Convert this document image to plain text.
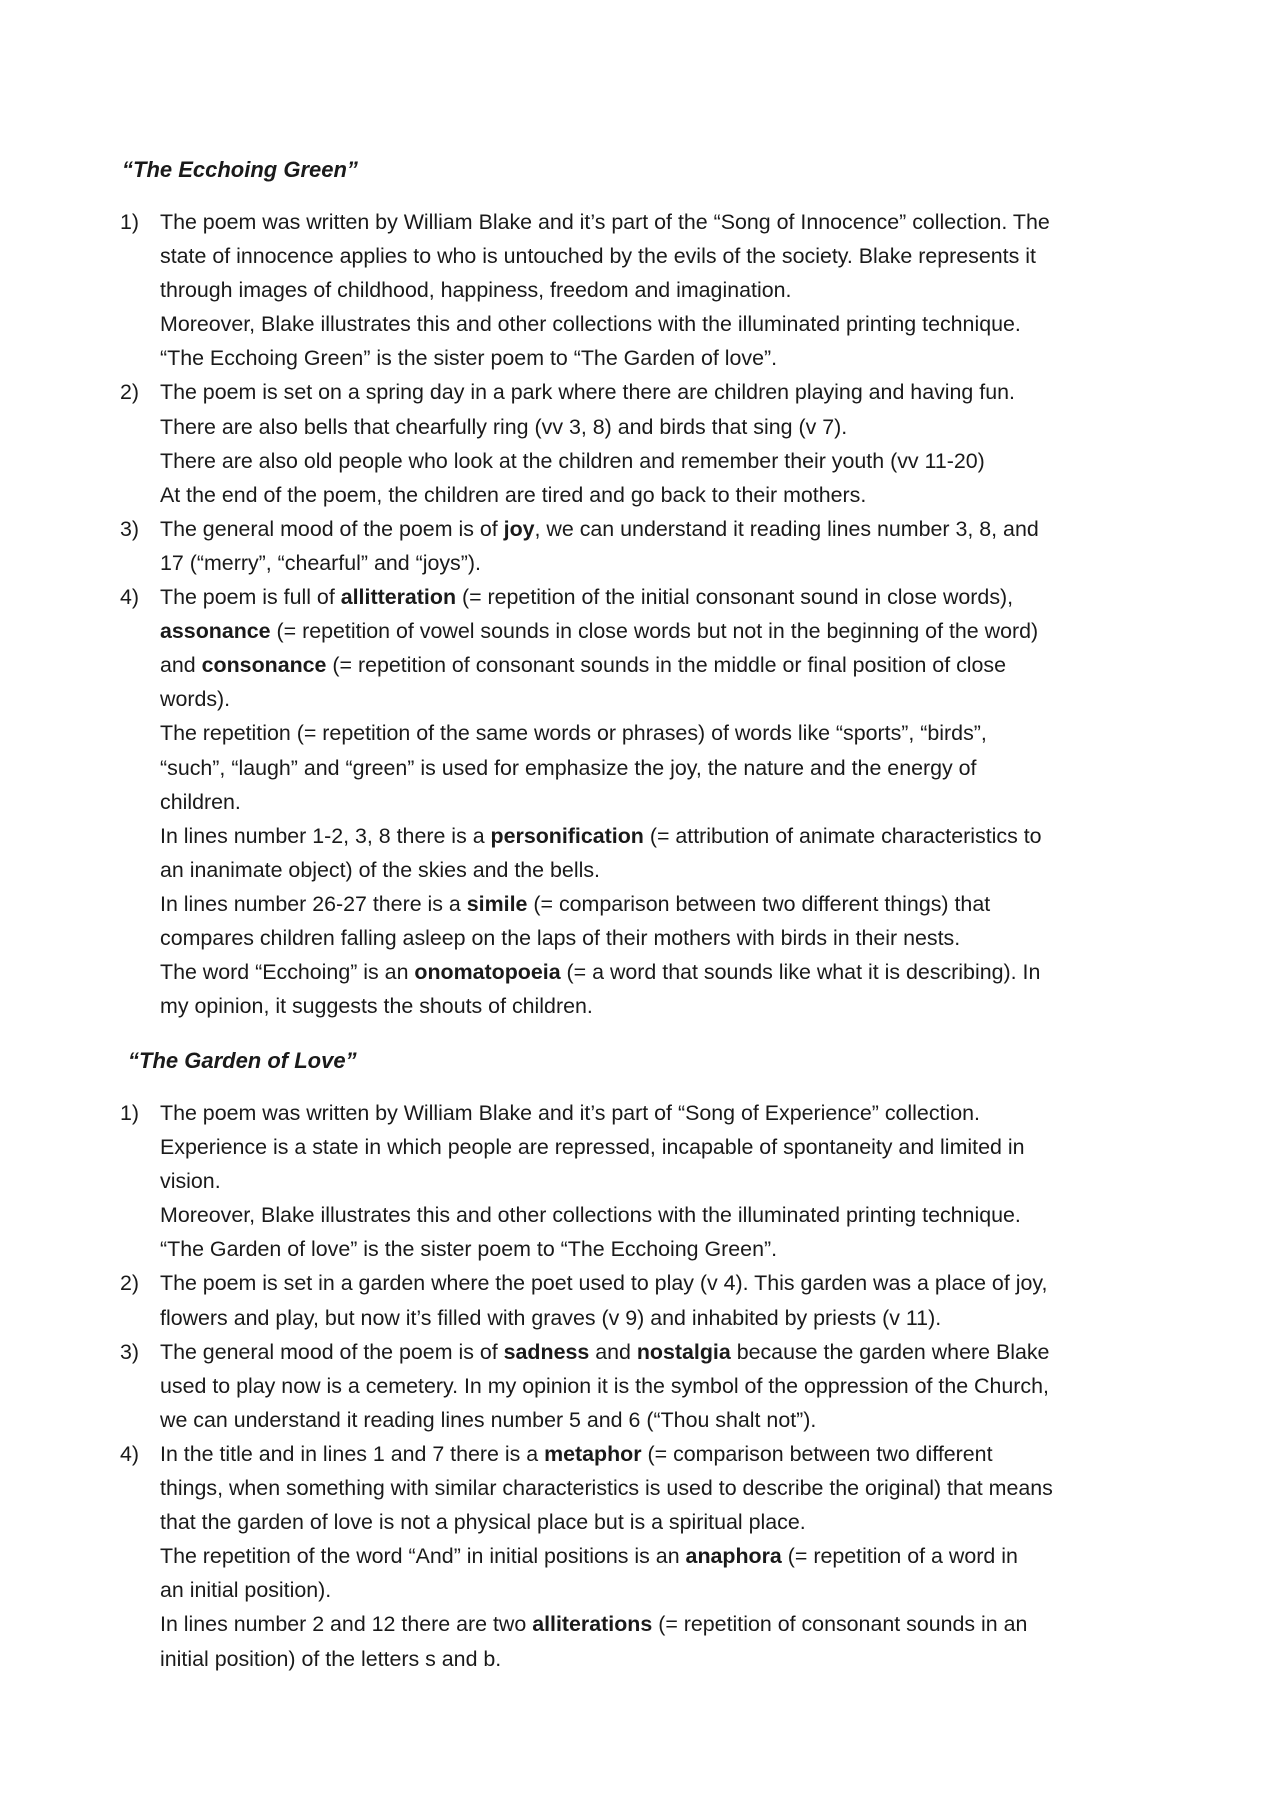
“The Ecchoing Green”
1) The poem was written by William Blake and it’s part of the “Song of Innocence” collection. The
state of innocence applies to who is untouched by the evils of the society. Blake represents it
through images of childhood, happiness, freedom and imagination.
Moreover, Blake illustrates this and other collections with the illuminated printing technique.
“The Ecchoing Green” is the sister poem to “The Garden of love”.
2) The poem is set on a spring day in a park where there are children playing and having fun.
There are also bells that chearfully ring (vv 3, 8) and birds that sing (v 7).
There are also old people who look at the children and remember their youth (vv 11-20)
At the end of the poem, the children are tired and go back to their mothers.
3) The general mood of the poem is of joy, we can understand it reading lines number 3, 8, and
17 (“merry”, “chearful” and “joys”).
4) The poem is full of allitteration (= repetition of the initial consonant sound in close words),
assonance (= repetition of vowel sounds in close words but not in the beginning of the word)
and consonance (= repetition of consonant sounds in the middle or final position of close
words).
The repetition (= repetition of the same words or phrases) of words like “sports”, “birds”,
“such”, “laugh” and “green” is used for emphasize the joy, the nature and the energy of
children.
In lines number 1-2, 3, 8 there is a personification (= attribution of animate characteristics to
an inanimate object) of the skies and the bells.
In lines number 26-27 there is a simile (= comparison between two different things) that
compares children falling asleep on the laps of their mothers with birds in their nests.
The word “Ecchoing” is an onomatopoeia (= a word that sounds like what it is describing). In
my opinion, it suggests the shouts of children.
“The Garden of Love”
1) The poem was written by William Blake and it’s part of “Song of Experience” collection.
Experience is a state in which people are repressed, incapable of spontaneity and limited in
vision.
Moreover, Blake illustrates this and other collections with the illuminated printing technique.
“The Garden of love” is the sister poem to “The Ecchoing Green”.
2) The poem is set in a garden where the poet used to play (v 4). This garden was a place of joy,
flowers and play, but now it’s filled with graves (v 9) and inhabited by priests (v 11).
3) The general mood of the poem is of sadness and nostalgia because the garden where Blake
used to play now is a cemetery. In my opinion it is the symbol of the oppression of the Church,
we can understand it reading lines number 5 and 6 (“Thou shalt not”).
4) In the title and in lines 1 and 7 there is a metaphor (= comparison between two different
things, when something with similar characteristics is used to describe the original) that means
that the garden of love is not a physical place but is a spiritual place.
The repetition of the word “And” in initial positions is an anaphora (= repetition of a word in
an initial position).
In lines number 2 and 12 there are two alliterations (= repetition of consonant sounds in an
initial position) of the letters s and b.
